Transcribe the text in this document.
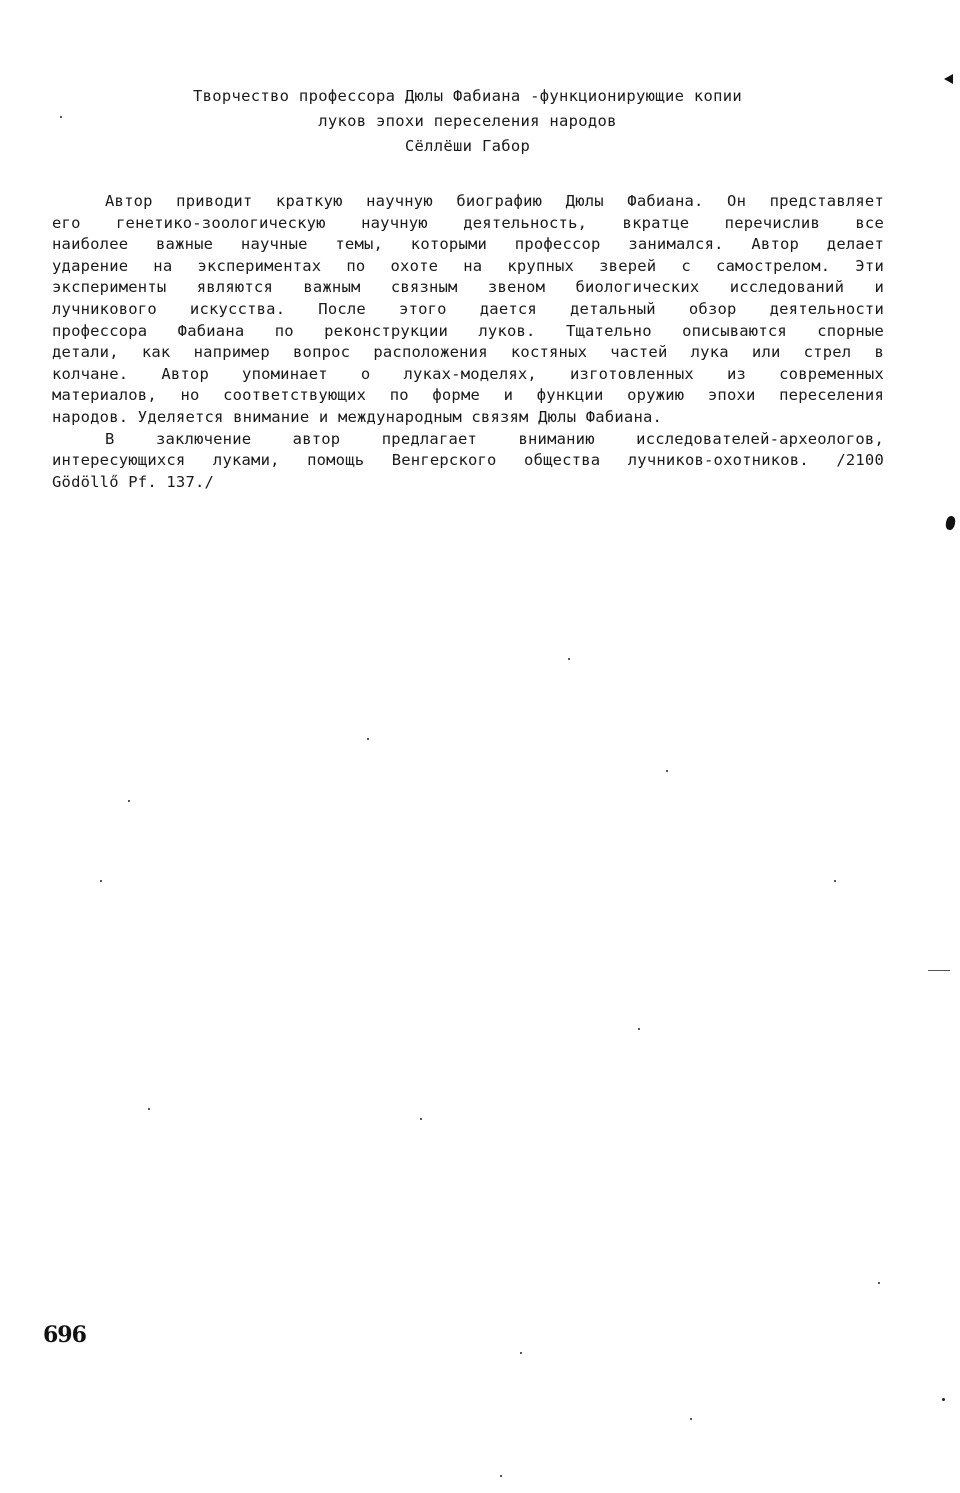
Творчество профессора Дюлы Фабиана -функционирующие копии
луков эпохи переселения народов
Сёллёши Габор
Автор приводит краткую научную биографию Дюлы Фабиана. Он представляет
его генетико-зоологическую научную деятельность, вкратце перечислив все
наиболее важные научные темы, которыми профессор занимался. Автор делает
ударение на экспериментах по охоте на крупных зверей с самострелом. Эти
эксперименты являются важным связным звеном биологических исследований и
лучникового искусства. После этого дается детальный обзор деятельности
профессора Фабиана по реконструкции луков. Тщательно описываются спорные
детали, как например вопрос расположения костяных частей лука или стрел в
колчане. Автор упоминает о луках-моделях, изготовленных из современных
материалов, но соответствующих по форме и функции оружию эпохи переселения
народов. Уделяется внимание и международным связям Дюлы Фабиана.
В заключение автор предлагает вниманию исследователей-археологов,
интересующихся луками, помощь Венгерского общества лучников-охотников. /2100
Gödöllő Pf. 137./
696
